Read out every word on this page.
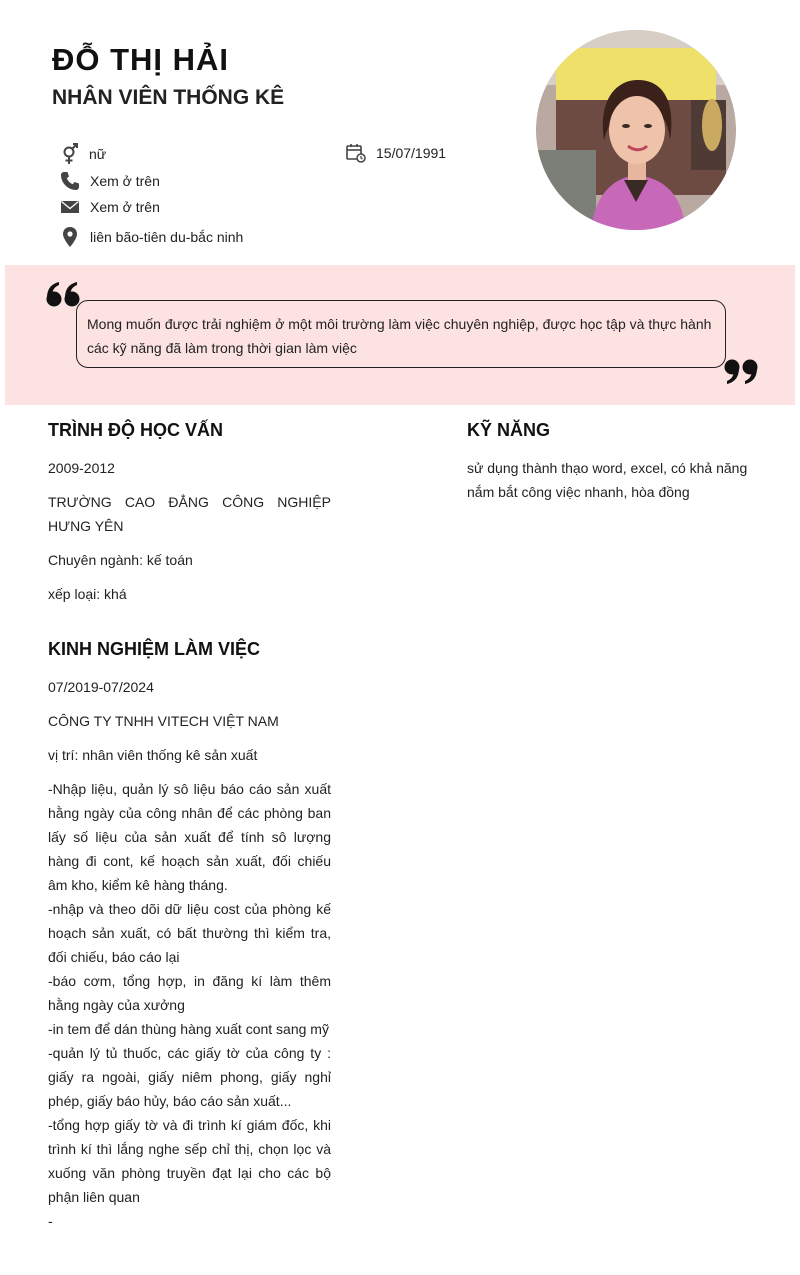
ĐỖ THỊ HẢI
NHÂN VIÊN THỐNG KÊ
nữ	15/07/1991
Xem ở trên
Xem ở trên
liên bão-tiên du-bắc ninh
Mong muốn được trải nghiệm ở một môi trường làm việc chuyên nghiệp, được học tập và thực hành các kỹ năng đã làm trong thời gian làm việc
TRÌNH ĐỘ HỌC VẤN

2009-2012

TRƯỜNG CAO ĐẲNG CÔNG NGHIỆP HƯNG YÊN

Chuyên ngành: kế toán

xếp loại: khá

KỸ NĂNG

sử dụng thành thạo word, excel, có khả năng nắm bắt công việc nhanh, hòa đồng

KINH NGHIỆM LÀM VIỆC

07/2019-07/2024

CÔNG TY TNHH VITECH VIỆT NAM

vị trí: nhân viên thống kê sản xuất

-Nhập liệu, quản lý sô liệu báo cáo sản xuất hằng ngày của công nhân để các phòng ban lấy số liệu của sản xuất để tính sô lượng hàng đi cont, kế hoạch sản xuất, đối chiếu âm kho, kiểm kê hàng tháng.

-nhập và theo dõi dữ liệu cost của phòng kế hoạch sản xuất, có bất thường thì kiểm tra, đối chiếu, báo cáo lại

-báo cơm, tổng hợp, in đăng kí làm thêm hằng ngày của xưởng

-in tem để dán thùng hàng xuất cont sang mỹ

-quản lý tủ thuốc, các giấy tờ của công ty : giấy ra ngoài, giấy niêm phong, giấy nghỉ phép, giấy báo hủy, báo cáo sản xuất...

-tổng hợp giấy tờ và đi trình kí giám đốc, khi trình kí thì lắng nghe sếp chỉ thị, chọn lọc và xuống văn phòng truyền đạt lại cho các bộ phận liên quan

-
